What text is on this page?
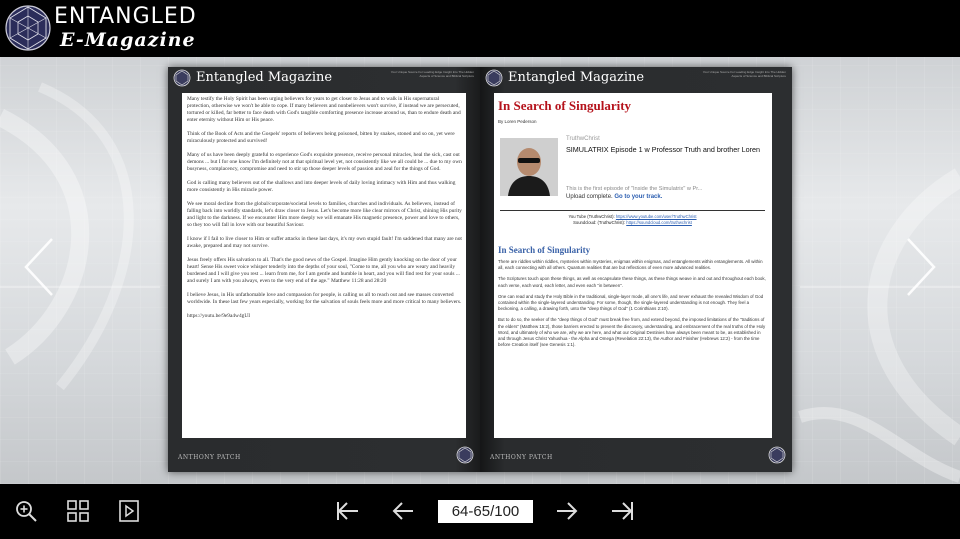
ENTANGLED
E-Magazine
Entangled Magazine	Your Unique Source For Leading Edge Insight Into The Hidden Aspects of Science and Biblical Scripture

Many testify the Holy Spirit has been urging believers for years to get closer to Jesus and to walk in His supernatural protection, otherwise we won't be able to cope. If many believers and nonbelievers won't survive, if instead we are persecuted, tortured or killed, far better to face death with God's tangible comforting presence increase around us, than to endure death and enter eternity without Him or His peace.

Think of the Book of Acts and the Gospels' reports of believers being poisoned, bitten by snakes, stoned and so on, yet were miraculously protected and survived!

Many of us have been deeply grateful to experience God's exquisite presence, receive personal miracles, heal the sick, cast out demons ... but I for one know I'm definitely not at that spiritual level yet, not consistently like we all could be ... due to my own busyness, complacency, compromise and need to stir up those deeper levels of passion and zeal for the things of God.

God is calling many believers out of the shallows and into deeper levels of daily loving intimacy with Him and thus walking more consistently in His miracle power.

We see moral decline from the global/corporate/societal levels to families, churches and individuals. As believers, instead of falling back into worldly standards, let's draw closer to Jesus. Let's become more like clear mirrors of Christ, shining His purity and light to the darkness. If we encounter Him more deeply we will emanate His magnetic presence, power and love to others, so they too will fall in love with our beautiful Saviour.

I know if I fail to live closer to Him or suffer attacks in these last days, it's my own stupid fault! I'm saddened that many are not awake, prepared and may not survive.

Jesus freely offers His salvation to all. That's the good news of the Gospel. Imagine Him gently knocking on the door of your heart! Sense His sweet voice whisper tenderly into the depths of your soul, "Come to me, all you who are weary and heavily burdened and I will give you rest ... learn from me, for I am gentle and humble in heart, and you will find rest for your souls ... and surely I am with you always, even to the very end of the age." Matthew 11:28 and 28:20

I believe Jesus, in His unfathomable love and compassion for people, is calling us all to reach out and see masses converted worldwide. In these last few years especially, working for the salvation of souls feels more and more critical to many believers.

https://youtu.be/9e9a4w4gUI

ANTHONY PATCH
Entangled Magazine	Your Unique Source For Leading Edge Insight Into The Hidden Aspects of Science and Biblical Scripture
In Search of Singularity
By Loren Pederson
TruthwChrist
SIMULATRIX Episode 1 w Professor Truth and brother Loren
This is the first episode of "Inside the Simulatrix" w Pr...
Upload complete. Go to your track.
You Tube (TruthwChrist): https://www.youtube.com/user/TruthwChrist
Soundcloud: (TruthwChrist): https://soundcloud.com/truthwchrist
In Search of Singularity

There are riddles within riddles, mysteries within mysteries, enigmas within enigmas, and entanglements within entanglements. All within all, each connecting with all others. Quantum realities that are but reflections of even more advanced realities.

The Scriptures touch upon these things, as well as encapsulate these things, as these things weave in and out and throughout each book, each verse, each word, each letter, and even each "in between".

One can read and study the Holy Bible in the traditional, single-layer mode, all one's life, and never exhaust the revealed Wisdom of God contained within the single-layered understanding. For some, though, the single-layered understanding is not enough. They feel a beckoning, a calling, a drawing forth, unto the "deep things of God" (1 Corinthians 2:10).

But to do so, the seeker of the "deep things of God" must break free from, and extend beyond, the imposed limitations of the "traditions of the elders" (Matthew 15:2), those barriers erected to prevent the discovery, understanding, and embracement of the real truths of the Holy Word, and ultimately of who we are, why we are here, and what our Original Destinies have always been meant to be, as established in and through Jesus Christ Yahushua - the Alpha and Omega (Revelation 22:13), the Author and Finisher (Hebrews 12:2) - from the time before Creation itself (see Genesis 1:1).

ANTHONY PATCH
64-65/100
